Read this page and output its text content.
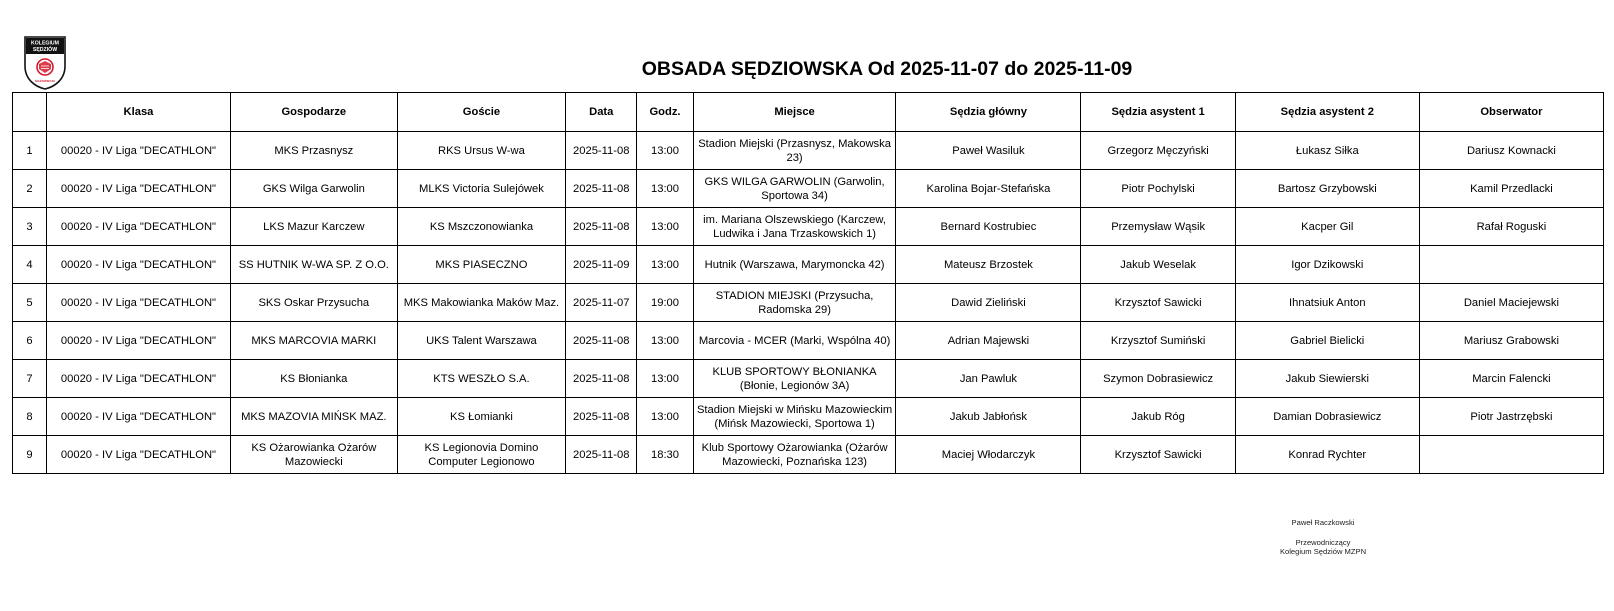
KOLEGIUM
SĘDZIÓW
MAZOWIECKI
OBSADA SĘDZIOWSKA Od 2025-11-07 do 2025-11-09
	Klasa	Gospodarze	Goście	Data	Godz.	Miejsce	Sędzia główny	Sędzia asystent 1	Sędzia asystent 2	Obserwator
1	00020 - IV Liga "DECATHLON"	MKS Przasnysz	RKS Ursus W-wa	2025-11-08	13:00	Stadion Miejski (Przasnysz, Makowska 23)	Paweł Wasiluk	Grzegorz Męczyński	Łukasz Siłka	Dariusz Kownacki
2	00020 - IV Liga "DECATHLON"	GKS Wilga Garwolin	MLKS Victoria Sulejówek	2025-11-08	13:00	GKS WILGA GARWOLIN (Garwolin, Sportowa 34)	Karolina Bojar-Stefańska	Piotr Pochylski	Bartosz Grzybowski	Kamil Przedlacki
3	00020 - IV Liga "DECATHLON"	LKS Mazur Karczew	KS Mszczonowianka	2025-11-08	13:00	im. Mariana Olszewskiego (Karczew, Ludwika i Jana Trzaskowskich 1)	Bernard Kostrubiec	Przemysław Wąsik	Kacper Gil	Rafał Roguski
4	00020 - IV Liga "DECATHLON"	SS HUTNIK W-WA SP. Z O.O.	MKS PIASECZNO	2025-11-09	13:00	Hutnik (Warszawa, Marymoncka 42)	Mateusz Brzostek	Jakub Weselak	Igor Dzikowski	
5	00020 - IV Liga "DECATHLON"	SKS Oskar Przysucha	MKS Makowianka Maków Maz.	2025-11-07	19:00	STADION MIEJSKI (Przysucha, Radomska 29)	Dawid Zieliński	Krzysztof Sawicki	Ihnatsiuk Anton	Daniel Maciejewski
6	00020 - IV Liga "DECATHLON"	MKS MARCOVIA MARKI	UKS Talent Warszawa	2025-11-08	13:00	Marcovia - MCER (Marki, Wspólna 40)	Adrian Majewski	Krzysztof Sumiński	Gabriel Bielicki	Mariusz Grabowski
7	00020 - IV Liga "DECATHLON"	KS Błonianka	KTS WESZŁO S.A.	2025-11-08	13:00	KLUB SPORTOWY BŁONIANKA (Błonie, Legionów 3A)	Jan Pawluk	Szymon Dobrasiewicz	Jakub Siewierski	Marcin Falencki
8	00020 - IV Liga "DECATHLON"	MKS MAZOVIA MIŃSK MAZ.	KS Łomianki	2025-11-08	13:00	Stadion Miejski w Mińsku Mazowieckim (Mińsk Mazowiecki, Sportowa 1)	Jakub Jabłońsk	Jakub Róg	Damian Dobrasiewicz	Piotr Jastrzębski
9	00020 - IV Liga "DECATHLON"	KS Ożarowianka Ożarów Mazowiecki	KS Legionovia Domino Computer Legionowo	2025-11-08	18:30	Klub Sportowy Ożarowianka (Ożarów Mazowiecki, Poznańska 123)	Maciej Włodarczyk	Krzysztof Sawicki	Konrad Rychter	
Paweł Raczkowski
Przewodniczący
Kolegium Sędziów MZPN
